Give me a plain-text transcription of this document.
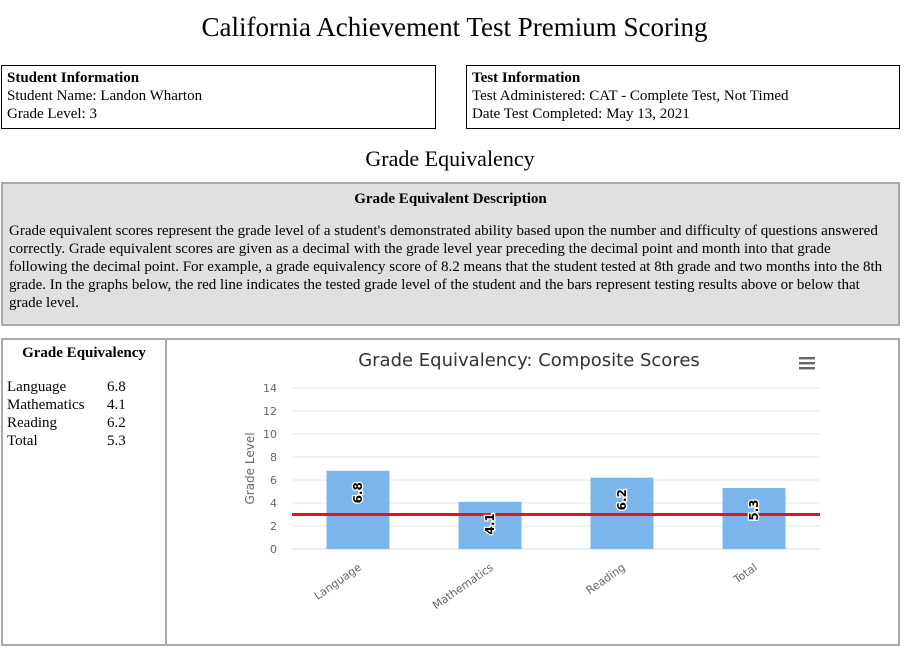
California Achievement Test Premium Scoring
Student Information
Student Name: Landon Wharton
Grade Level: 3
Test Information
Test Administered: CAT - Complete Test, Not Timed
Date Test Completed: May 13, 2021
Grade Equivalency
Grade Equivalent Description
Grade equivalent scores represent the grade level of a student's demonstrated ability based upon the number and difficulty of questions answered correctly. Grade equivalent scores are given as a decimal with the grade level year preceding the decimal point and month into that grade following the decimal point. For example, a grade equivalency score of 8.2 means that the student tested at 8th grade and two months into the 8th grade. In the graphs below, the red line indicates the tested grade level of the student and the bars represent testing results above or below that grade level.
Grade Equivalency
Language	6.8
Mathematics	4.1
Reading	6.2
Total	5.3
Grade Equivalency: Composite Scores
Grade Level
0
2
4
6
8
10
12
14
6.8
4.1
6.2	5.3
Language	Mathematics	Reading	Total
